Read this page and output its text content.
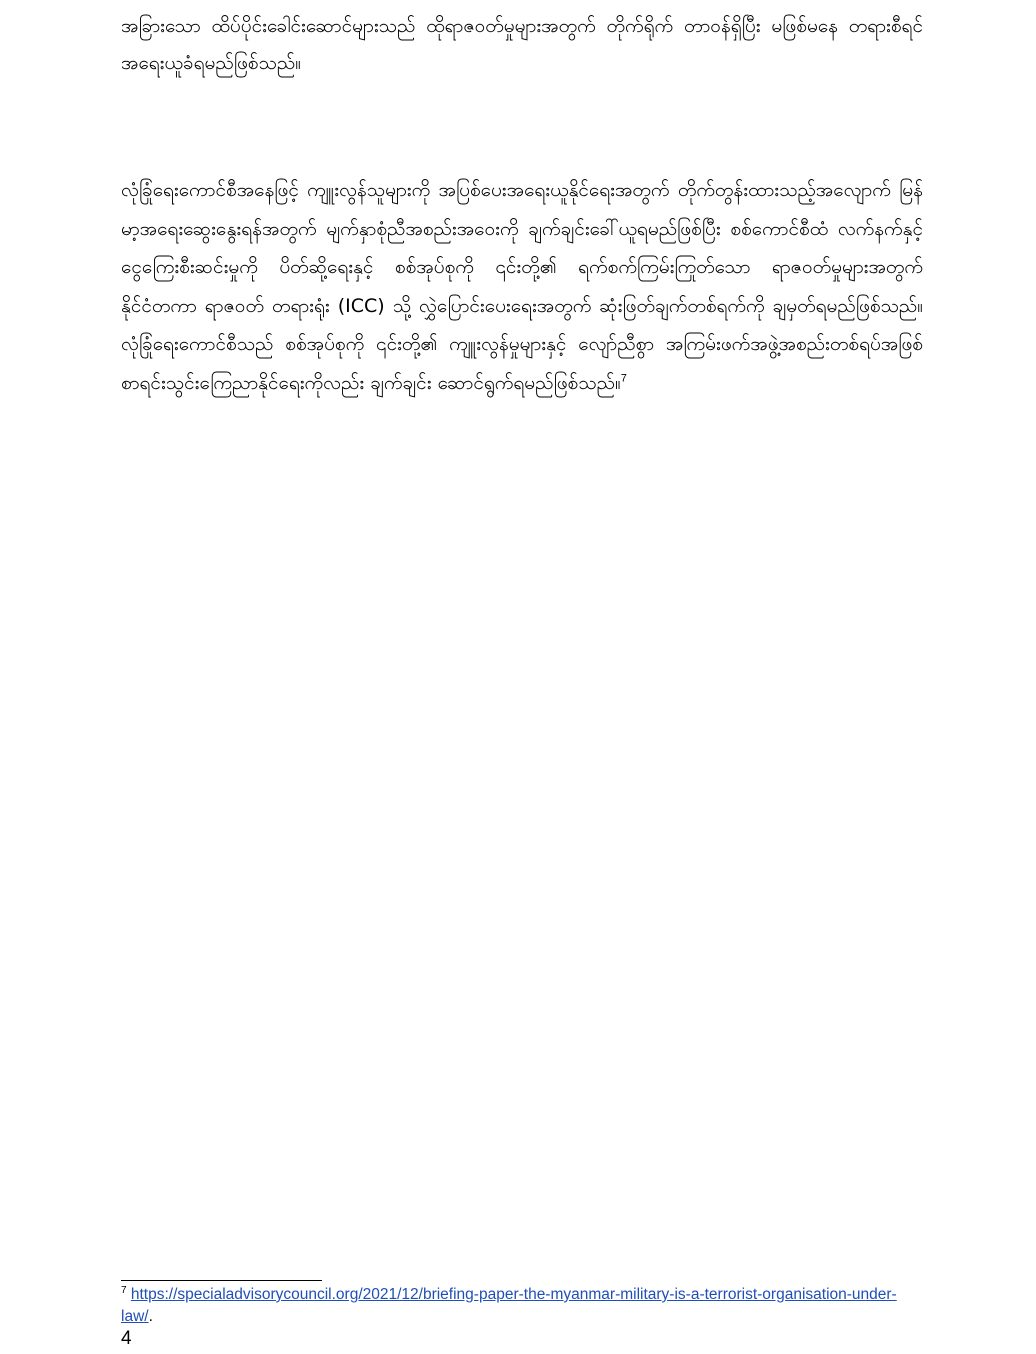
အခြားသော ထိပ်ပိုင်းခေါင်းဆောင်များသည် ထိုရာဇဝတ်မှုများအတွက် တိုက်ရိုက် တာဝန်ရှိပြီး မဖြစ်မနေ တရားစီရင်အရေးယူခံရမည်ဖြစ်သည်။

လုံခြုံရေးကောင်စီအနေဖြင့် ကျူးလွန်သူများကို အပြစ်ပေးအရေးယူနိုင်ရေးအတွက် တိုက်တွန်းထားသည့်အလျောက် မြန်မာ့အရေးဆွေးနွေးရန်အတွက် မျက်နှာစုံညီအစည်းအဝေးကို ချက်ချင်းခေါ်ယူရမည်ဖြစ်ပြီး စစ်ကောင်စီထံ လက်နက်နှင့် ငွေကြေးစီးဆင်းမှုကို ပိတ်ဆို့ရေးနှင့် စစ်အုပ်စုကို ၎င်းတို့၏ ရက်စက်ကြမ်းကြုတ်သော ရာဇဝတ်မှုများအတွက် နိုင်ငံတကာ ရာဇဝတ် တရားရုံး (ICC) သို့ လွှဲပြောင်းပေးရေးအတွက် ဆုံးဖြတ်ချက်တစ်ရက်ကို ချမှတ်ရမည်ဖြစ်သည်။ လုံခြုံရေးကောင်စီသည် စစ်အုပ်စုကို ၎င်းတို့၏ ကျူးလွန်မှုများနှင့် လျော်ညီစွာ အကြမ်းဖက်အဖွဲ့အစည်းတစ်ရပ်အဖြစ် စာရင်းသွင်းကြေညာနိုင်ရေးကိုလည်း ချက်ချင်း ဆောင်ရွက်ရမည်ဖြစ်သည်။$^7$

$^7$ https://specialadvisorycouncil.org/2021/12/briefing-paper-the-myanmar-military-is-a-terrorist-organisation-under-law/.
4
